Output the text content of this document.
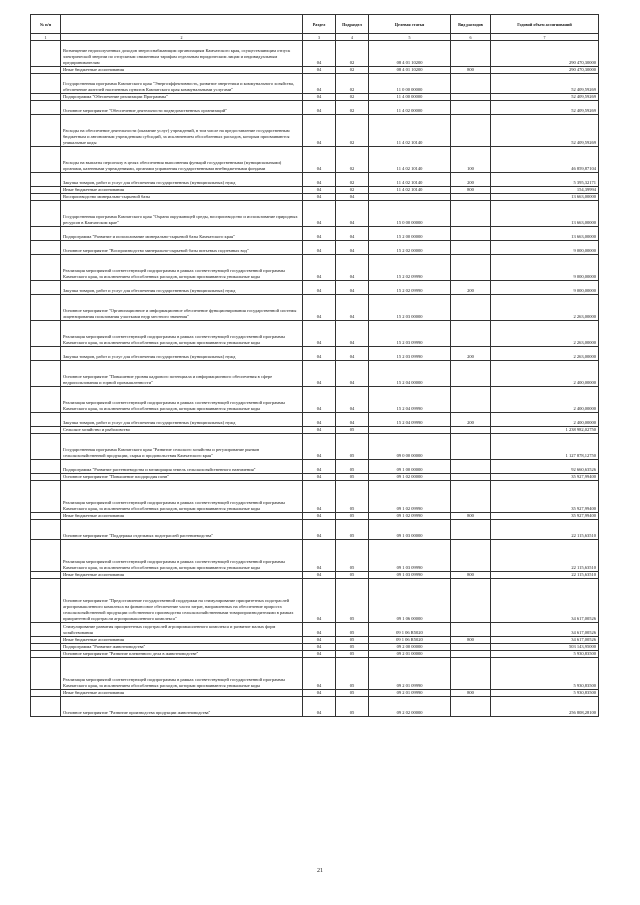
№ п/п		Раздел	Подраздел	Целевая статья	Вид расходов	Годовой объем ассигнований
1	2	3	4	5	6	7
	Возмещение недополученных доходов энергоснабжающим организациям Камчатского края, осуществляющим отпуск электрической энергии по отпускным сниженным тарифам отдельным юридическим лицам и индивидуальным предпринимателям	04	02	08 4 01 10200		290 470,30000
	Иные бюджетные ассигнования	04	02	08 4 01 10200	800	290 470,30000
	Государственная программа Камчатского края "Энергоэффективность, развитие энергетики и коммунального хозяйства, обеспечение жителей населенных пунктов Камчатского края коммунальными услугами"	04	02	11 0 00 00000		52 409,59269
	Подпрограмма "Обеспечение реализации Программы"	04	02	11 4 00 00000		52 409,59269
	Основное мероприятие "Обеспечение деятельности подведомственных организаций"	04	02	11 4 02 00000		52 409,59269
	Расходы на обеспечение деятельности (оказание услуг) учреждений, в том числе на предоставление государственным бюджетным и автономным учреждениям субсидий, за исключением обособленных расходов, которым присваиваются уникальные коды	04	02	11 4 02 10140		52 409,59269
	Расходы на выплаты персоналу в целях обеспечения выполнения функций государственными (муниципальными) органами, казенными учреждениями, органами управления государственными внебюджетными фондами	04	02	11 4 02 10140	100	46 859,87104
	Закупка товаров, работ и услуг для обеспечения государственных (муниципальных) нужд	04	02	11 4 02 10140	200	5 395,32171
	Иные бюджетные ассигнования	04	02	11 4 02 10140	800	154,39994
	Воспроизводство минерально-сырьевой базы	04	04			13 663,00000
	Государственная программа Камчатского края "Охрана окружающей среды, воспроизводство и использование природных ресурсов в Камчатском крае"	04	04	15 0 00 00000		13 663,00000
	Подпрограмма "Развитие и использование минерально-сырьевой базы Камчатского края"	04	04	15 2 00 00000		13 663,00000
	Основное мероприятие "Воспроизводство минерально-сырьевой базы питьевых подземных вод"	04	04	15 2 02 00000		9 000,00000
	Реализация мероприятий соответствующей подпрограммы в рамках соответствующей государственной программы Камчатского края, за исключением обособленных расходов, которым присваиваются уникальные коды	04	04	15 2 02 09990		9 000,00000
	Закупка товаров, работ и услуг для обеспечения государственных (муниципальных) нужд	04	04	15 2 02 09990	200	9 000,00000
	Основное мероприятие "Организационное и информационное обеспечение функционирования государственной системы лицензирования пользования участками недр местного значения"	04	04	15 2 03 00000		2 263,00000
	Реализация мероприятий соответствующей подпрограммы в рамках соответствующей государственной программы Камчатского края, за исключением обособленных расходов, которым присваиваются уникальные коды	04	04	15 2 03 09990		2 263,00000
	Закупка товаров, работ и услуг для обеспечения государственных (муниципальных) нужд	04	04	15 2 03 09990	200	2 263,00000
	Основное мероприятие "Повышение уровня кадрового потенциала и информационного обеспечения в сфере недропользования и горной промышленности"	04	04	15 2 04 00000		2 400,00000
	Реализация мероприятий соответствующей подпрограммы в рамках соответствующей государственной программы Камчатского края, за исключением обособленных расходов, которым присваиваются уникальные коды	04	04	15 2 04 09990		2 400,00000
	Закупка товаров, работ и услуг для обеспечения государственных (муниципальных) нужд	04	04	15 2 04 09990	200	2 400,00000
	Сельское хозяйство и рыболовство	04	05			1 238 982,02750
	Государственная программа Камчатского края "Развитие сельского хозяйства и регулирование рынков сельскохозяйственной продукции, сырья и продовольствия Камчатского края"	04	05	09 0 00 00000		1 127 878,12750
	Подпрограмма "Развитие растениеводства и мелиорация земель сельскохозяйственного назначения"	04	05	09 1 00 00000		92 660,63526
	Основное мероприятие "Повышение плодородия почв"	04	05	09 1 02 00000		35 927,99400
	Реализация мероприятий соответствующей подпрограммы в рамках соответствующей государственной программы Камчатского края, за исключением обособленных расходов, которым присваиваются уникальные коды	04	05	09 1 02 09990		35 927,99400
	Иные бюджетные ассигнования	04	05	09 1 02 09990	800	35 927,99400
	Основное мероприятие "Поддержка отдельных подотраслей растениеводства"	04	05	09 1 03 00000		22 115,63510
	Реализация мероприятий соответствующей подпрограммы в рамках соответствующей государственной программы Камчатского края, за исключением обособленных расходов, которым присваиваются уникальные коды	04	05	09 1 03 09990		22 115,63510
	Иные бюджетные ассигнования	04	05	09 1 03 09990	800	22 115,63510
	Основное мероприятие "Предоставление государственной поддержки на стимулирование приоритетных подотраслей агропромышленного комплекса на финансовое обеспечение части затрат, направленных на обеспечение прироста сельскохозяйственной продукции собственного производства сельскохозяйственными товаропроизводителями в рамках приоритетной подотрасли агропромышленного комплекса"	04	05	09 1 06 00000		34 617,00526
	Стимулирование развития приоритетных подотраслей агропромышленного комплекса и развитие малых форм хозяйствования	04	05	09 1 06 R5020		34 617,00526
	Иные бюджетные ассигнования	04	05	09 1 06 R5020	800	34 617,00526
	Подпрограмма "Развитие животноводства"	04	05	09 2 00 00000		503 143,95000
	Основное мероприятие "Развитие племенного дела в животноводстве"	04	05	09 2 01 00000		5 930,83500
	Реализация мероприятий соответствующей подпрограммы в рамках соответствующей государственной программы Камчатского края, за исключением обособленных расходов, которым присваиваются уникальные коды	04	05	09 2 01 09990		5 930,83500
	Иные бюджетные ассигнования	04	05	09 2 01 09990	800	5 930,83500
	Основное мероприятие "Развитие производства продукции животноводства"	04	05	09 2 02 00000		256 808,28100
21
